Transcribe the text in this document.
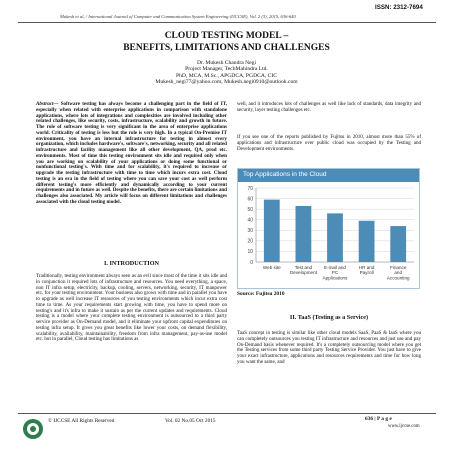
ISSN: 2312-7694
Mukesh et al, / International Journal of Computer and Communication System Engineering (IJCCSE), Vol. 2 (3), 2015, 636-640
CLOUD TESTING MODEL –
BENEFITS, LIMITATIONS AND CHALLENGES
Dr. Mukesh Chandra Negi
Project Manager, TechMahindra Ltd.
PhD, MCA, M.Sc., APGDCA, PGDCA, CIC
Mukesh_negi77@yahoo.com, Mukesh.negi0910@outlook.com
Abstract— Software testing has always become a challenging part in the field of IT, especially when related with enterprise applications in comparison with standalone applications, where lots of integrations and complexities are involved including other related challenges, like security, costs, infrastructure, scalability and growth in future. The role of software testing is very significant in the area of enterprise applications world. Criticality of testing is less but the role is very high. In a typical On-Premise IT environment, you have an internal infrastructure for testing in almost every organization, which includes hardware's, software's, networking, security and all related infrastructure and facility management like all other development, QA, prod etc. environments. Most of time this testing environment sits idle and required only when you are working on scalability of your applications or doing some functional or nonfunctional testing's. With time and for scalability, it's required to increase or upgrade the testing infrastructure with time to time which incurs extra cost. Cloud testing is an era in the field of testing where you can save your cost as well perform different testing's more efficiently and dynamically according to your current requirements and in future as well. Despite the benefits, there are certain limitations and challenges also associated. My article will focus on different limitations and challenges associated with the cloud testing model.
I. INTRODUCTION
Traditionally, testing environment always seen as an evil since most of the time it sits idle and in conjunction it required lots of infrastructure and resources. You need everything, a space, non IT infra setup, electricity, backup, cooling, servers, networking, security, IT manpower etc. for your testing environment. Your business also grows with time and in parallel you have to upgrade as well increase IT resources of you testing environments which incur extra cost time to time. As your requirements start growing with time, you have to spend more on testing's and it's infra to make it sustain as per the current updates and requirements. Cloud testing is a model where your complete testing environment is outsourced to a third party service provider as On-Demand model, and it eliminate your upfront capital expenditures on testing infra setup. It gives you great benefits like lower your costs, on demand flexibility, scalability, availability, maintainability, freedom from infra management, pay-as-use model etc. but in parallel, Cloud testing has limitations as
well, and it introduces lots of challenges as well like lack of standards, data integrity and security, layer testing challenges etc.
If you see one of the reports published by Fujitsu in 2010, almost more than 55% of applications and infrastructure over public cloud was occupied by the Testing and Development environments.
Top Applications in the Cloud
0
10
20
30
40
50
60
70
Web site	Test and Development
E-mail and PC Applications
HR and Payroll
Finance and Accounting
Source: Fujitsu 2010
II. TaaS (Testing as a Service)
TaaS concept in testing is similar like other cloud models SaaS, PaaS & IaaS where you can completely outsources you testing IT infrastructure and resources and just use and pay On-Demand basis whenever required. It's a completely outsourcing model where you get the Testing services from some third party Testing Service Provider. You just have to give your exact infrastructure, applications and resources requirements and time for how long you want the same, and
© IJCCSE All Rights Reserved	Vol. 02 No.05 Oct 2015	636 | P a g e
www.ijccse.com
